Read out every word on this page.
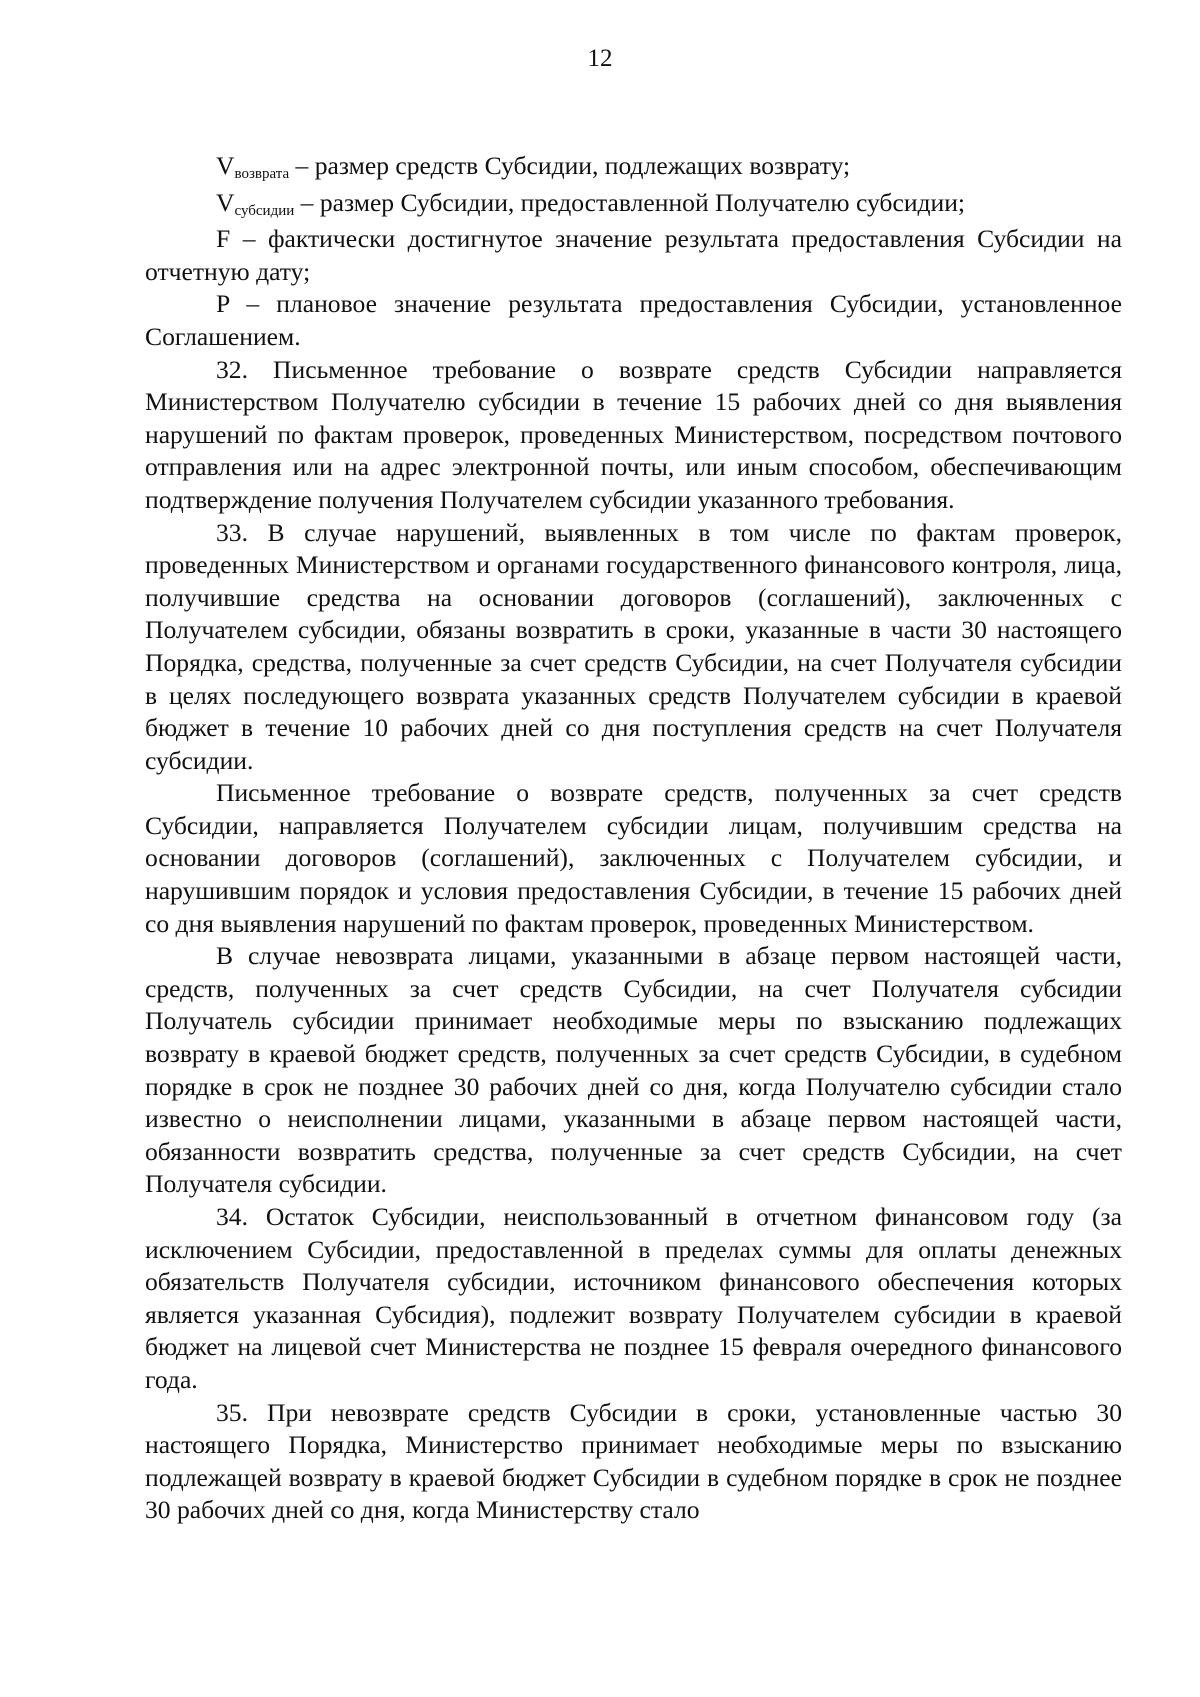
12

$V_{возврата}$ – размер средств Субсидии, подлежащих возврату;

$V_{субсидии}$ – размер Субсидии, предоставленной Получателю субсидии;

F – фактически достигнутое значение результата предоставления Субсидии на отчетную дату;

P – плановое значение результата предоставления Субсидии, установленное Соглашением.

32. Письменное требование о возврате средств Субсидии направляется Министерством Получателю субсидии в течение 15 рабочих дней со дня выявления нарушений по фактам проверок, проведенных Министерством, посредством почтового отправления или на адрес электронной почты, или иным способом, обеспечивающим подтверждение получения Получателем субсидии указанного требования.

33. В случае нарушений, выявленных в том числе по фактам проверок, проведенных Министерством и органами государственного финансового контроля, лица, получившие средства на основании договоров (соглашений), заключенных с Получателем субсидии, обязаны возвратить в сроки, указанные в части 30 настоящего Порядка, средства, полученные за счет средств Субсидии, на счет Получателя субсидии в целях последующего возврата указанных средств Получателем субсидии в краевой бюджет в течение 10 рабочих дней со дня поступления средств на счет Получателя субсидии.

Письменное требование о возврате средств, полученных за счет средств Субсидии, направляется Получателем субсидии лицам, получившим средства на основании договоров (соглашений), заключенных с Получателем субсидии, и нарушившим порядок и условия предоставления Субсидии, в течение 15 рабочих дней со дня выявления нарушений по фактам проверок, проведенных Министерством.

В случае невозврата лицами, указанными в абзаце первом настоящей части, средств, полученных за счет средств Субсидии, на счет Получателя субсидии Получатель субсидии принимает необходимые меры по взысканию подлежащих возврату в краевой бюджет средств, полученных за счет средств Субсидии, в судебном порядке в срок не позднее 30 рабочих дней со дня, когда Получателю субсидии стало известно о неисполнении лицами, указанными в абзаце первом настоящей части, обязанности возвратить средства, полученные за счет средств Субсидии, на счет Получателя субсидии.

34. Остаток Субсидии, неиспользованный в отчетном финансовом году (за исключением Субсидии, предоставленной в пределах суммы для оплаты денежных обязательств Получателя субсидии, источником финансового обеспечения которых является указанная Субсидия), подлежит возврату Получателем субсидии в краевой бюджет на лицевой счет Министерства не позднее 15 февраля очередного финансового года.

35. При невозврате средств Субсидии в сроки, установленные частью 30 настоящего Порядка, Министерство принимает необходимые меры по взысканию подлежащей возврату в краевой бюджет Субсидии в судебном порядке в срок не позднее 30 рабочих дней со дня, когда Министерству стало
